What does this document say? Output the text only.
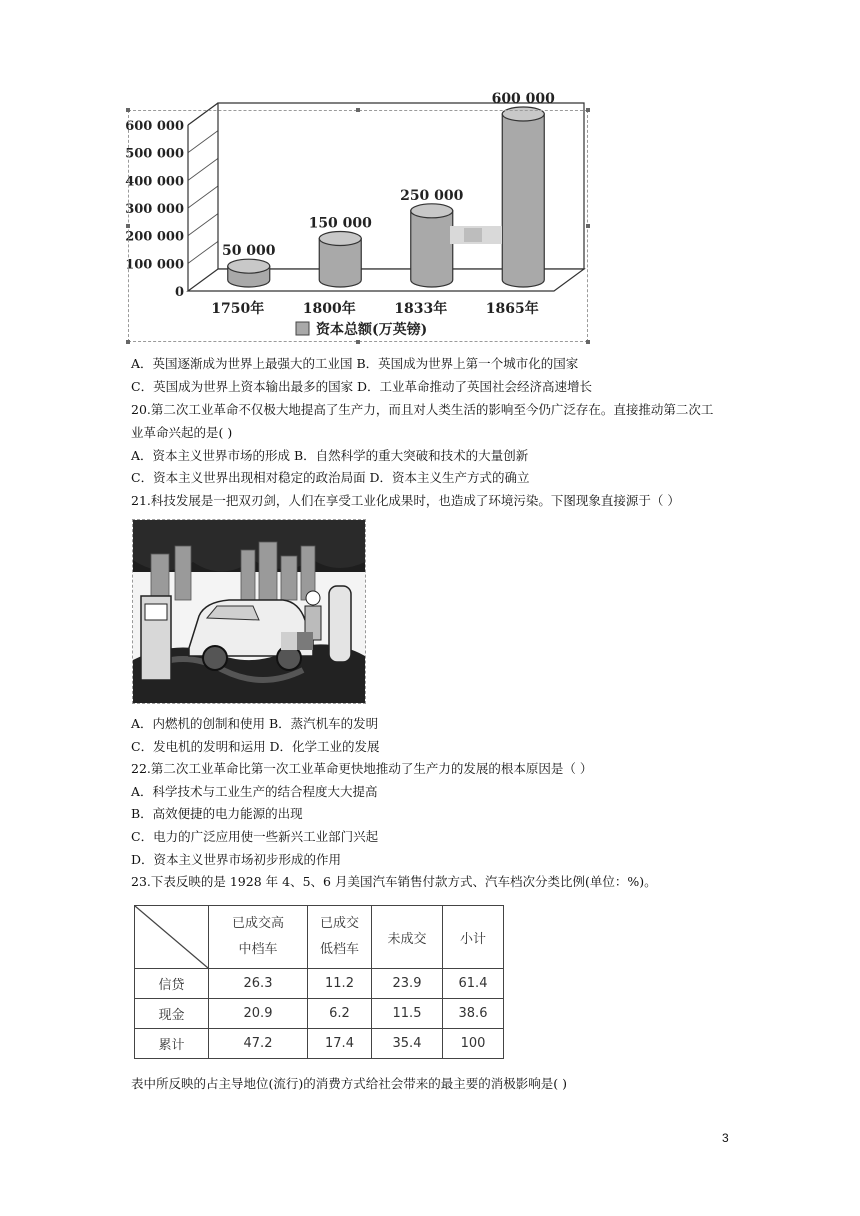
600 000
500 000
400 000
300 000
200 000
100 000
0
50 000
1750年
150 000
1800年
250 000
1833年
600 000
1865年
资本总额(万英镑)
A．英国逐渐成为世界上最强大的工业国 B．英国成为世界上第一个城市化的国家
C．英国成为世界上资本输出最多的国家 D．工业革命推动了英国社会经济高速增长
20.第二次工业革命不仅极大地提高了生产力，而且对人类生活的影响至今仍广泛存在。直接推动第二次工
业革命兴起的是( )
A．资本主义世界市场的形成 B．自然科学的重大突破和技术的大量创新
C．资本主义世界出现相对稳定的政治局面 D．资本主义生产方式的确立
21.科技发展是一把双刃剑，人们在享受工业化成果时，也造成了环境污染。下图现象直接源于（ ）
A．内燃机的创制和使用 B．蒸汽机车的发明
C．发电机的发明和运用 D．化学工业的发展
22.第二次工业革命比第一次工业革命更快地推动了生产力的发展的根本原因是（ ）
A．科学技术与工业生产的结合程度大大提高
B．高效便捷的电力能源的出现
C．电力的广泛应用使一些新兴工业部门兴起
D．资本主义世界市场初步形成的作用
23.下表反映的是 1928 年 4、5、6 月美国汽车销售付款方式、汽车档次分类比例(单位：%)。
	已成交高
中档车	已成交
低档车	未成交	小计
信贷	26.3	11.2	23.9	61.4
现金	20.9	6.2	11.5	38.6
累计	47.2	17.4	35.4	100
表中所反映的占主导地位(流行)的消费方式给社会带来的最主要的消极影响是( )
3
